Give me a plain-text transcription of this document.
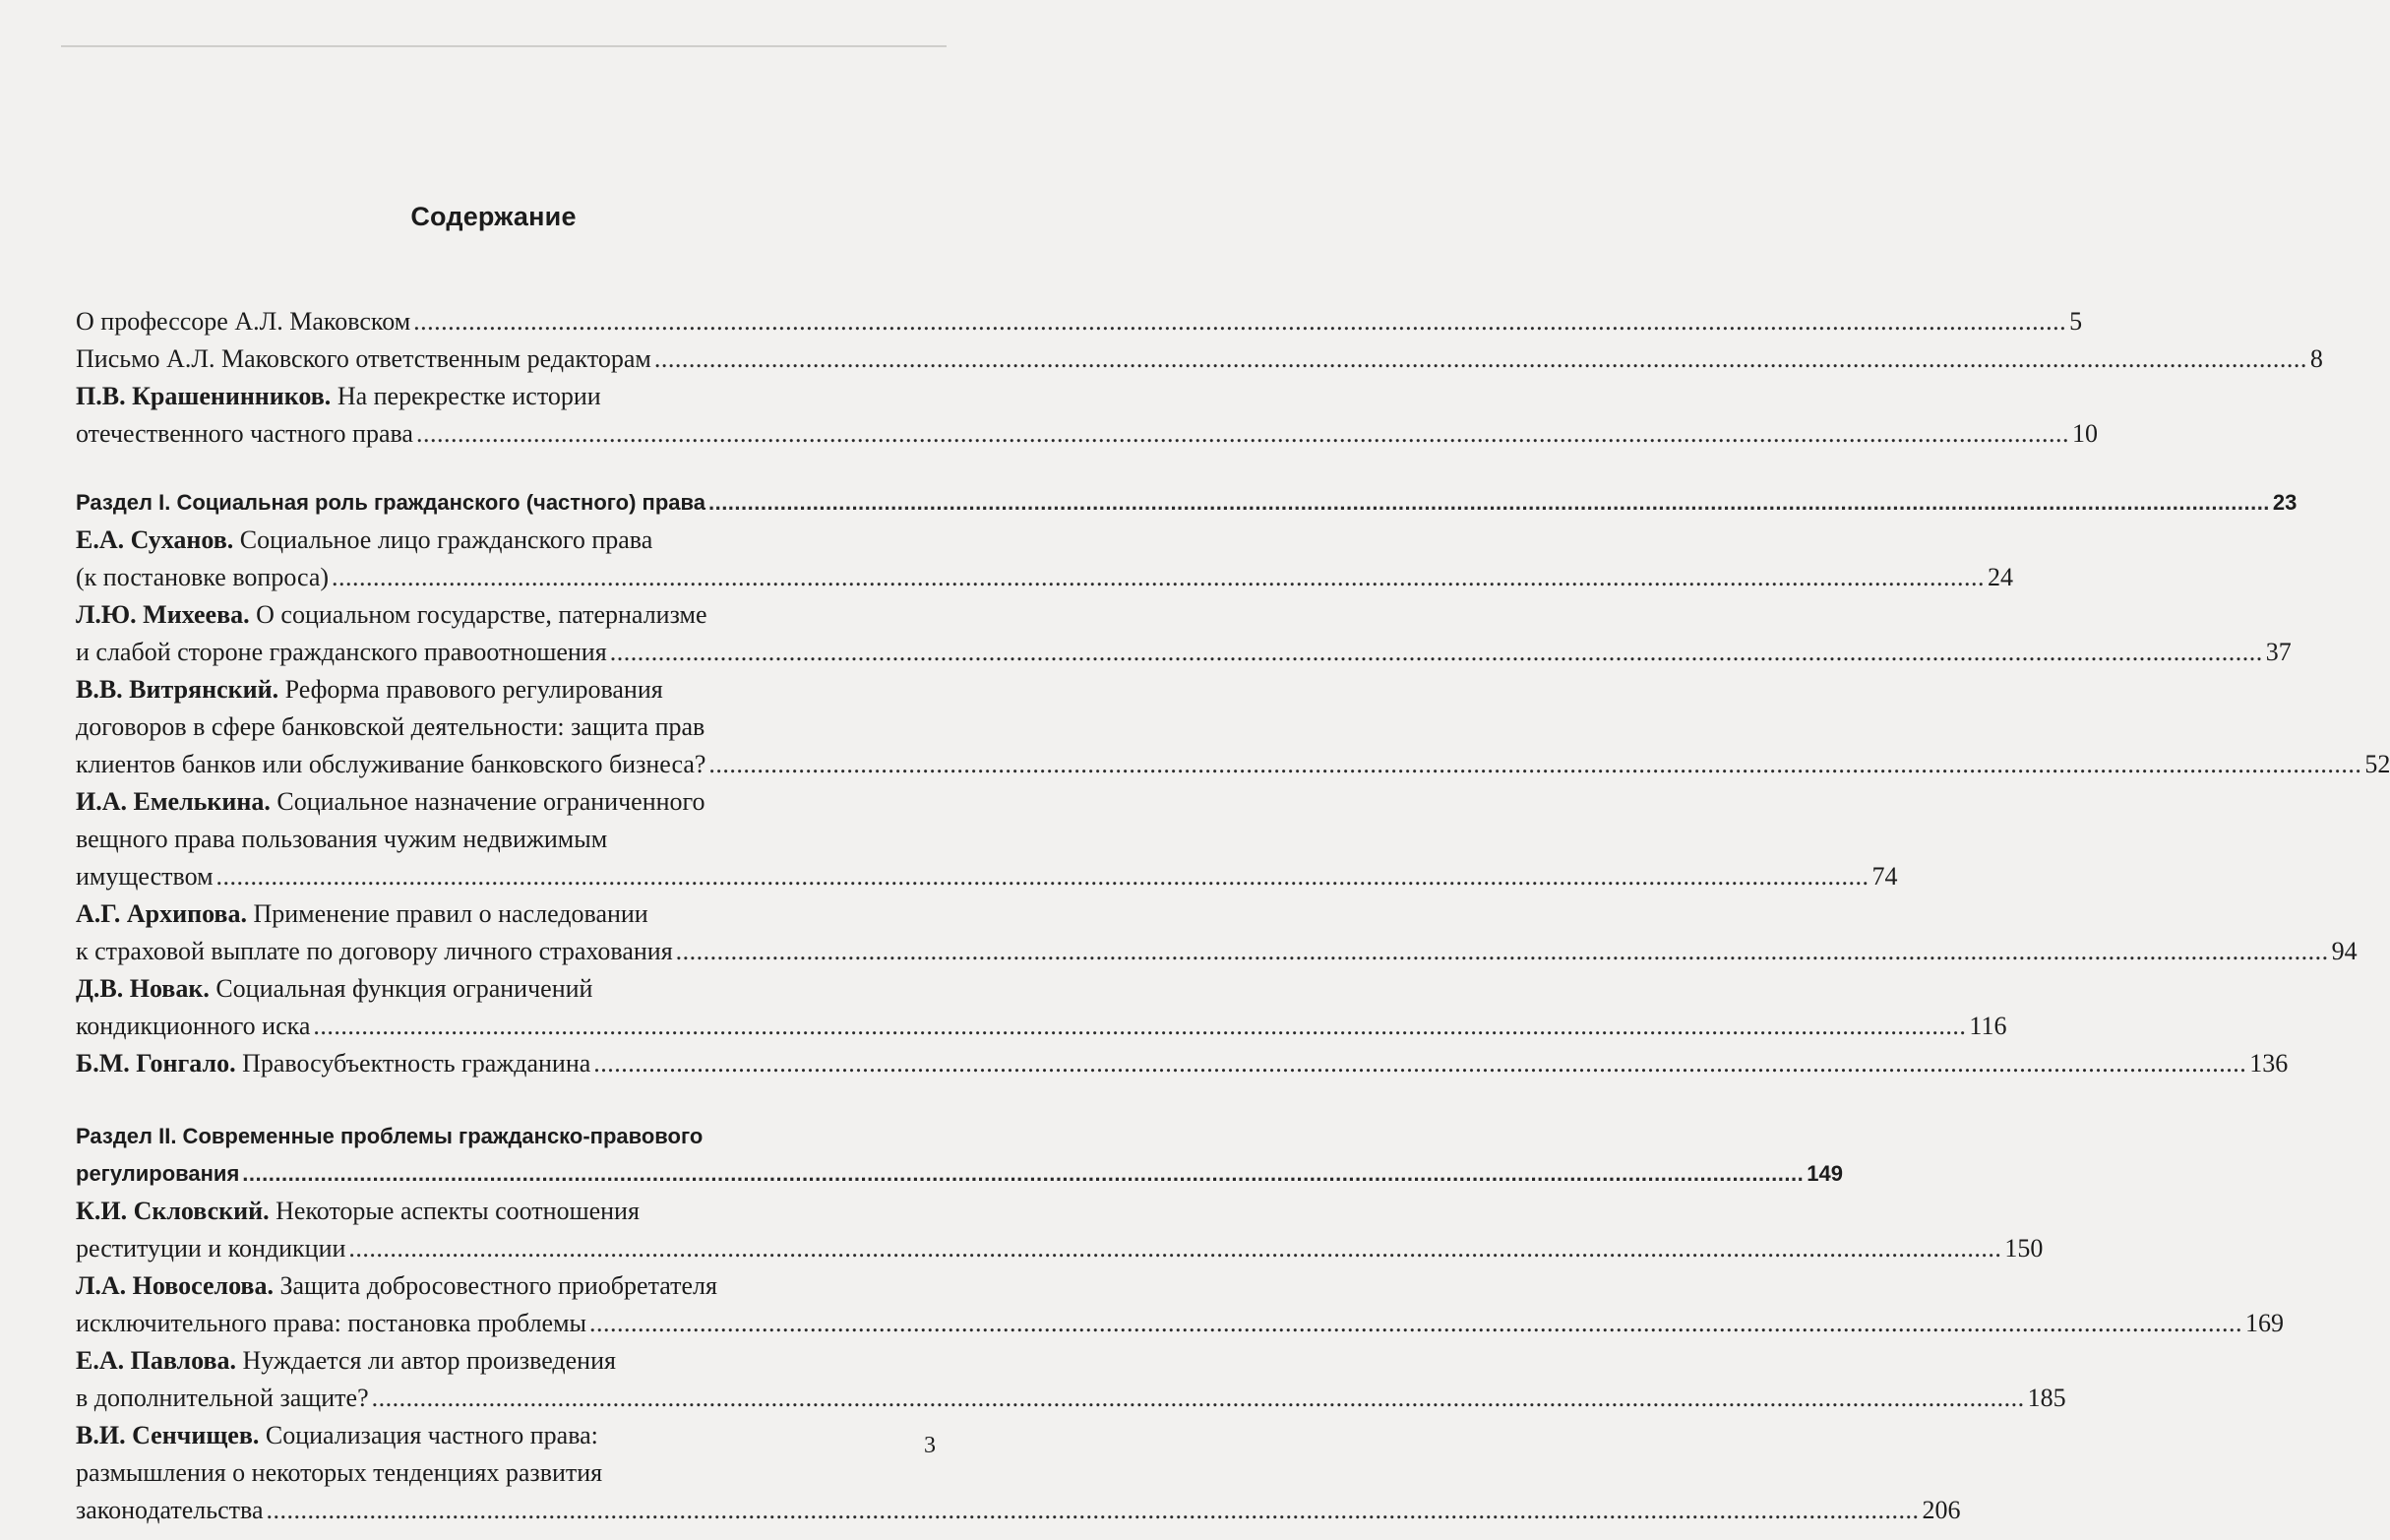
Содержание
О профессоре А.Л. Маковском .....	5
Письмо А.Л. Маковского ответственным редакторам .....	8
П.В. Крашенинников. На перекрестке истории
отечественного частного права .....	10
Раздел I. Социальная роль гражданского (частного) права .....	23
Е.А. Суханов. Социальное лицо гражданского права
(к постановке вопроса) .....	24
Л.Ю. Михеева. О социальном государстве, патернализме
и слабой стороне гражданского правоотношения .....	37
В.В. Витрянский. Реформа правового регулирования
договоров в сфере банковской деятельности: защита прав
клиентов банков или обслуживание банковского бизнеса? .....	52
И.А. Емелькина. Социальное назначение ограниченного
вещного права пользования чужим недвижимым
имуществом .....	74
А.Г. Архипова. Применение правил о наследовании
к страховой выплате по договору личного страхования .....	94
Д.В. Новак. Социальная функция ограничений
кондикционного иска .....	116
Б.М. Гонгало. Правосубъектность гражданина .....	136
Раздел II. Современные проблемы гражданско-правового
регулирования .....	149
К.И. Скловский. Некоторые аспекты соотношения
реституции и кондикции .....	150
Л.А. Новоселова. Защита добросовестного приобретателя
исключительного права: постановка проблемы .....	169
Е.А. Павлова. Нуждается ли автор произведения
в дополнительной защите? .....	185
В.И. Сенчищев. Социализация частного права:
размышления о некоторых тенденциях развития
законодательства .....	206
3
